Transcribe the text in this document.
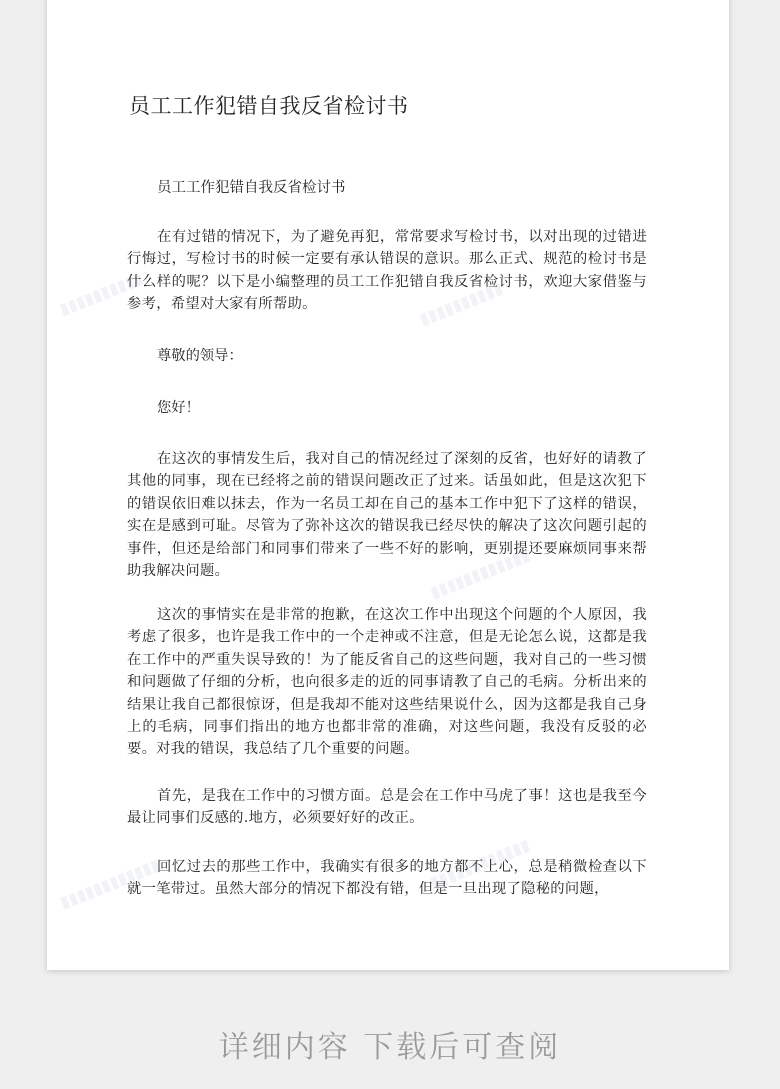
员工工作犯错自我反省检讨书
员工工作犯错自我反省检讨书
在有过错的情况下，为了避免再犯，常常要求写检讨书，以对出现的过错进行悔过，写检讨书的时候一定要有承认错误的意识。那么正式、规范的检讨书是什么样的呢？以下是小编整理的员工工作犯错自我反省检讨书，欢迎大家借鉴与参考，希望对大家有所帮助。
尊敬的领导：
您好！
在这次的事情发生后，我对自己的情况经过了深刻的反省，也好好的请教了其他的同事，现在已经将之前的错误问题改正了过来。话虽如此，但是这次犯下的错误依旧难以抹去，作为一名员工却在自己的基本工作中犯下了这样的错误，实在是感到可耻。尽管为了弥补这次的错误我已经尽快的解决了这次问题引起的事件，但还是给部门和同事们带来了一些不好的影响，更别提还要麻烦同事来帮助我解决问题。
这次的事情实在是非常的抱歉，在这次工作中出现这个问题的个人原因，我考虑了很多，也许是我工作中的一个走神或不注意，但是无论怎么说，这都是我在工作中的严重失误导致的！为了能反省自己的这些问题，我对自己的一些习惯和问题做了仔细的分析，也向很多走的近的同事请教了自己的毛病。分析出来的结果让我自己都很惊讶，但是我却不能对这些结果说什么，因为这都是我自己身上的毛病，同事们指出的地方也都非常的准确，对这些问题，我没有反驳的必要。对我的错误，我总结了几个重要的问题。
首先，是我在工作中的习惯方面。总是会在工作中马虎了事！这也是我至今最让同事们反感的.地方，必须要好好的改正。
回忆过去的那些工作中，我确实有很多的地方都不上心，总是稍微检查以下就一笔带过。虽然大部分的情况下都没有错，但是一旦出现了隐秘的问题，
▮▮▮▮▮▮▮▮▮▮	▮▮▮▮▮▮▮▮▮▮
▮▮▮▮▮▮▮▮▮▮▮▮
▮▮▮▮▮▮▮▮▮▮▮▮	▮▮▮▮▮▮▮▮▮▮▮▮
详细内容 下载后可查阅
